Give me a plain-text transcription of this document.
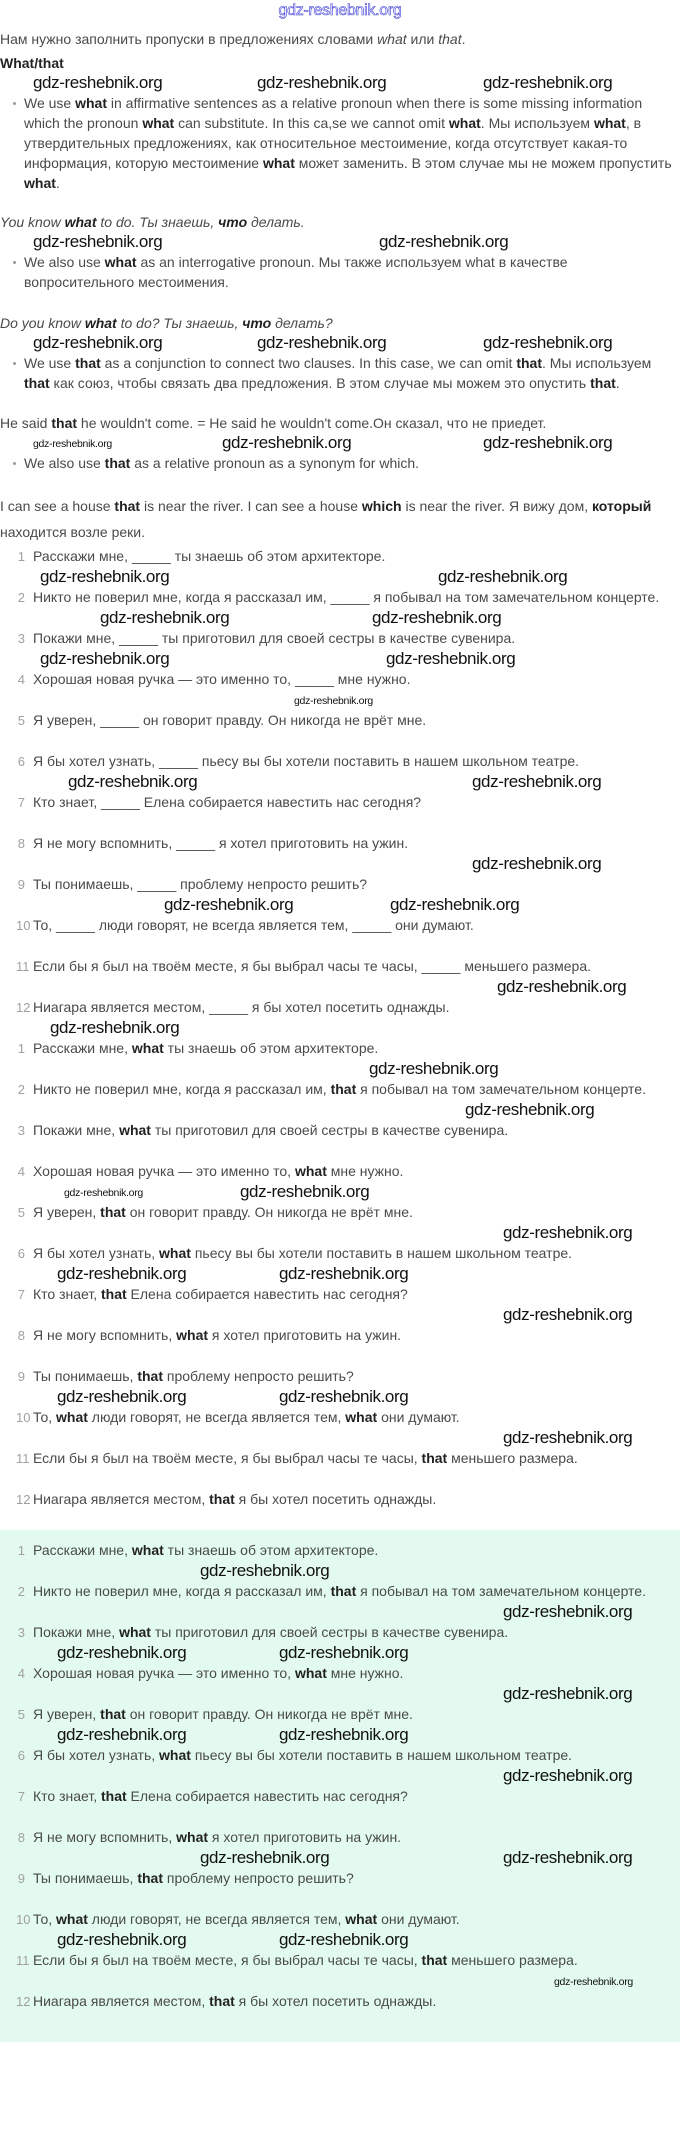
gdz-reshebnik.org
Нам нужно заполнить пропуски в предложениях словами what или that.
What/that
gdz-reshebnik.org	gdz-reshebnik.org	gdz-reshebnik.org
We use what in affirmative sentences as a relative pronoun when there is some missing information which the pronoun what can substitute. In this ca,se we cannot omit what. Мы используем what, в утвердительных предложениях, как относительное местоимение, когда отсутствует какая-то информация, которую местоимение what может заменить. В этом случае мы не можем пропустить what.
You know what to do. Ты знаешь, что делать.
gdz-reshebnik.org	gdz-reshebnik.org
We also use what as an interrogative pronoun. Мы также используем what в качестве вопросительного местоимения.
Do you know what to do? Ты знаешь, что делать?
gdz-reshebnik.org	gdz-reshebnik.org	gdz-reshebnik.org
We use that as a conjunction to connect two clauses. In this case, we can omit that. Мы используем that как союз, чтобы связать два предложения. В этом случае мы можем это опустить that.
He said that he wouldn't come. = He said he wouldn't come.Он сказал, что не приедет.
gdz-reshebnik.org	gdz-reshebnik.org	gdz-reshebnik.org
We also use that as a relative pronoun as a synonym for which.
I can see a house that is near the river. I can see a house which is near the river. Я вижу дом, который находится возле реки.
1 Расскажи мне, _____ ты знаешь об этом архитекторе.
gdz-reshebnik.org	gdz-reshebnik.org
2 Никто не поверил мне, когда я рассказал им, _____ я побывал на том замечательном концерте.
gdz-reshebnik.org	gdz-reshebnik.org
3 Покажи мне, _____ ты приготовил для своей сестры в качестве сувенира.
gdz-reshebnik.org	gdz-reshebnik.org
4 Хорошая новая ручка — это именно то, _____ мне нужно.
gdz-reshebnik.org
5 Я уверен, _____ он говорит правду. Он никогда не врёт мне.
6 Я бы хотел узнать, _____ пьесу вы бы хотели поставить в нашем школьном театре.
gdz-reshebnik.org	gdz-reshebnik.org
7 Кто знает, _____ Елена собирается навестить нас сегодня?
8 Я не могу вспомнить, _____ я хотел приготовить на ужин.
gdz-reshebnik.org
9 Ты понимаешь, _____ проблему непросто решить?
gdz-reshebnik.org	gdz-reshebnik.org
10 То, _____ люди говорят, не всегда является тем, _____ они думают.
11 Если бы я был на твоём месте, я бы выбрал часы те часы, _____ меньшего размера.
gdz-reshebnik.org
12 Ниагара является местом, _____ я бы хотел посетить однажды.
gdz-reshebnik.org
1 Расскажи мне, what ты знаешь об этом архитекторе.
gdz-reshebnik.org
2 Никто не поверил мне, когда я рассказал им, that я побывал на том замечательном концерте.
gdz-reshebnik.org
3 Покажи мне, what ты приготовил для своей сестры в качестве сувенира.
4 Хорошая новая ручка — это именно то, what мне нужно.
gdz-reshebnik.org	gdz-reshebnik.org
5 Я уверен, that он говорит правду. Он никогда не врёт мне.
gdz-reshebnik.org
6 Я бы хотел узнать, what пьесу вы бы хотели поставить в нашем школьном театре.
gdz-reshebnik.org	gdz-reshebnik.org
7 Кто знает, that Елена собирается навестить нас сегодня?
gdz-reshebnik.org
8 Я не могу вспомнить, what я хотел приготовить на ужин.
9 Ты понимаешь, that проблему непросто решить?
gdz-reshebnik.org	gdz-reshebnik.org
10 То, what люди говорят, не всегда является тем, what они думают.
gdz-reshebnik.org
11 Если бы я был на твоём месте, я бы выбрал часы те часы, that меньшего размера.
12 Ниагара является местом, that я бы хотел посетить однажды.
1 Расскажи мне, what ты знаешь об этом архитекторе.
gdz-reshebnik.org
2 Никто не поверил мне, когда я рассказал им, that я побывал на том замечательном концерте.
gdz-reshebnik.org
3 Покажи мне, what ты приготовил для своей сестры в качестве сувенира.
gdz-reshebnik.org	gdz-reshebnik.org
4 Хорошая новая ручка — это именно то, what мне нужно.
gdz-reshebnik.org
5 Я уверен, that он говорит правду. Он никогда не врёт мне.
gdz-reshebnik.org	gdz-reshebnik.org
6 Я бы хотел узнать, what пьесу вы бы хотели поставить в нашем школьном театре.
gdz-reshebnik.org
7 Кто знает, that Елена собирается навестить нас сегодня?
8 Я не могу вспомнить, what я хотел приготовить на ужин.
gdz-reshebnik.org	gdz-reshebnik.org
9 Ты понимаешь, that проблему непросто решить?
10 То, what люди говорят, не всегда является тем, what они думают.
gdz-reshebnik.org	gdz-reshebnik.org
11 Если бы я был на твоём месте, я бы выбрал часы те часы, that меньшего размера.
gdz-reshebnik.org
12 Ниагара является местом, that я бы хотел посетить однажды.
